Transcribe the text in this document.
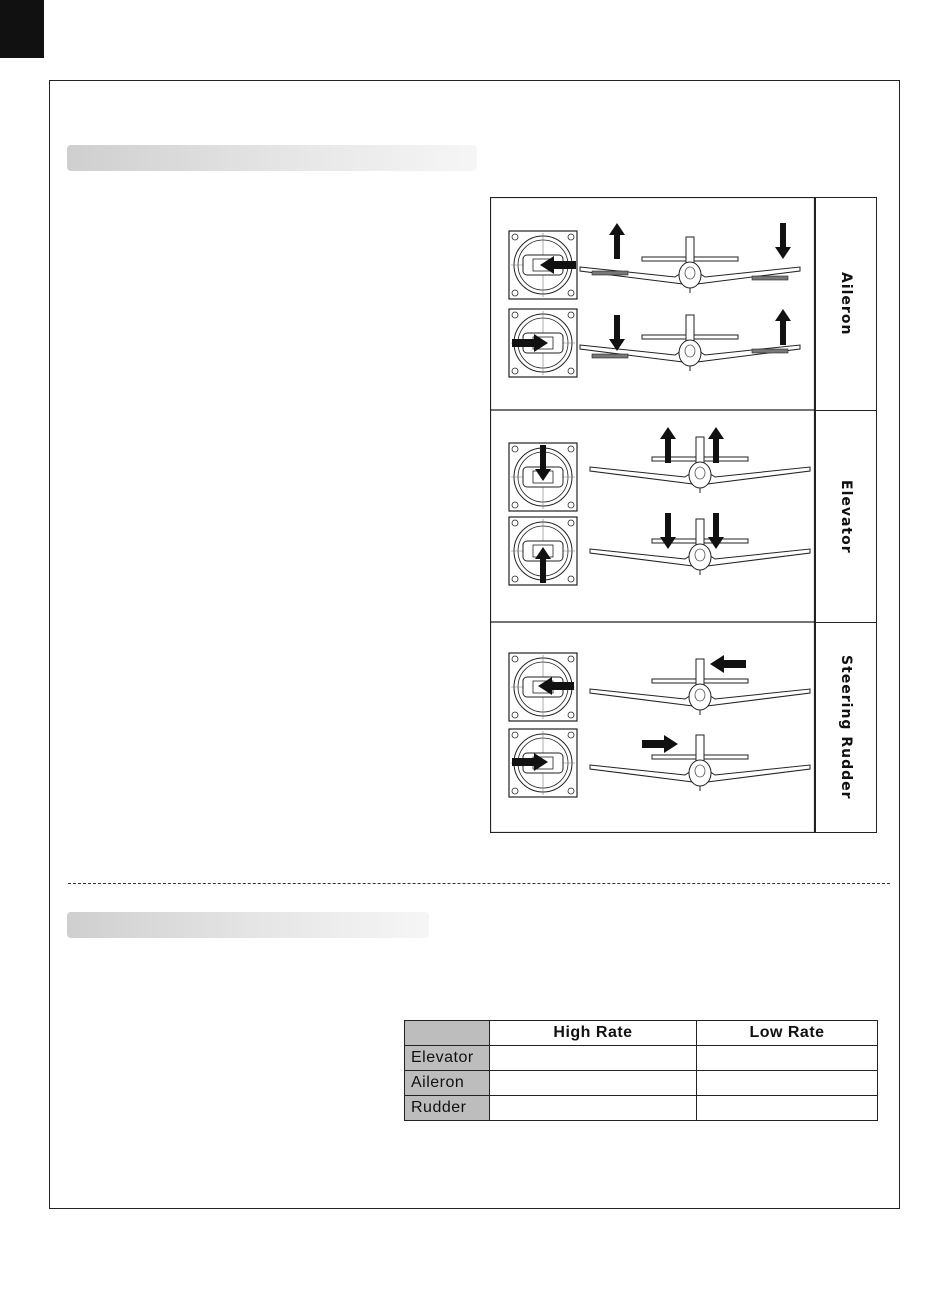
Aileron
Elevator
Steering Rudder
	High Rate	Low Rate
Elevator		
Aileron		
Rudder		
